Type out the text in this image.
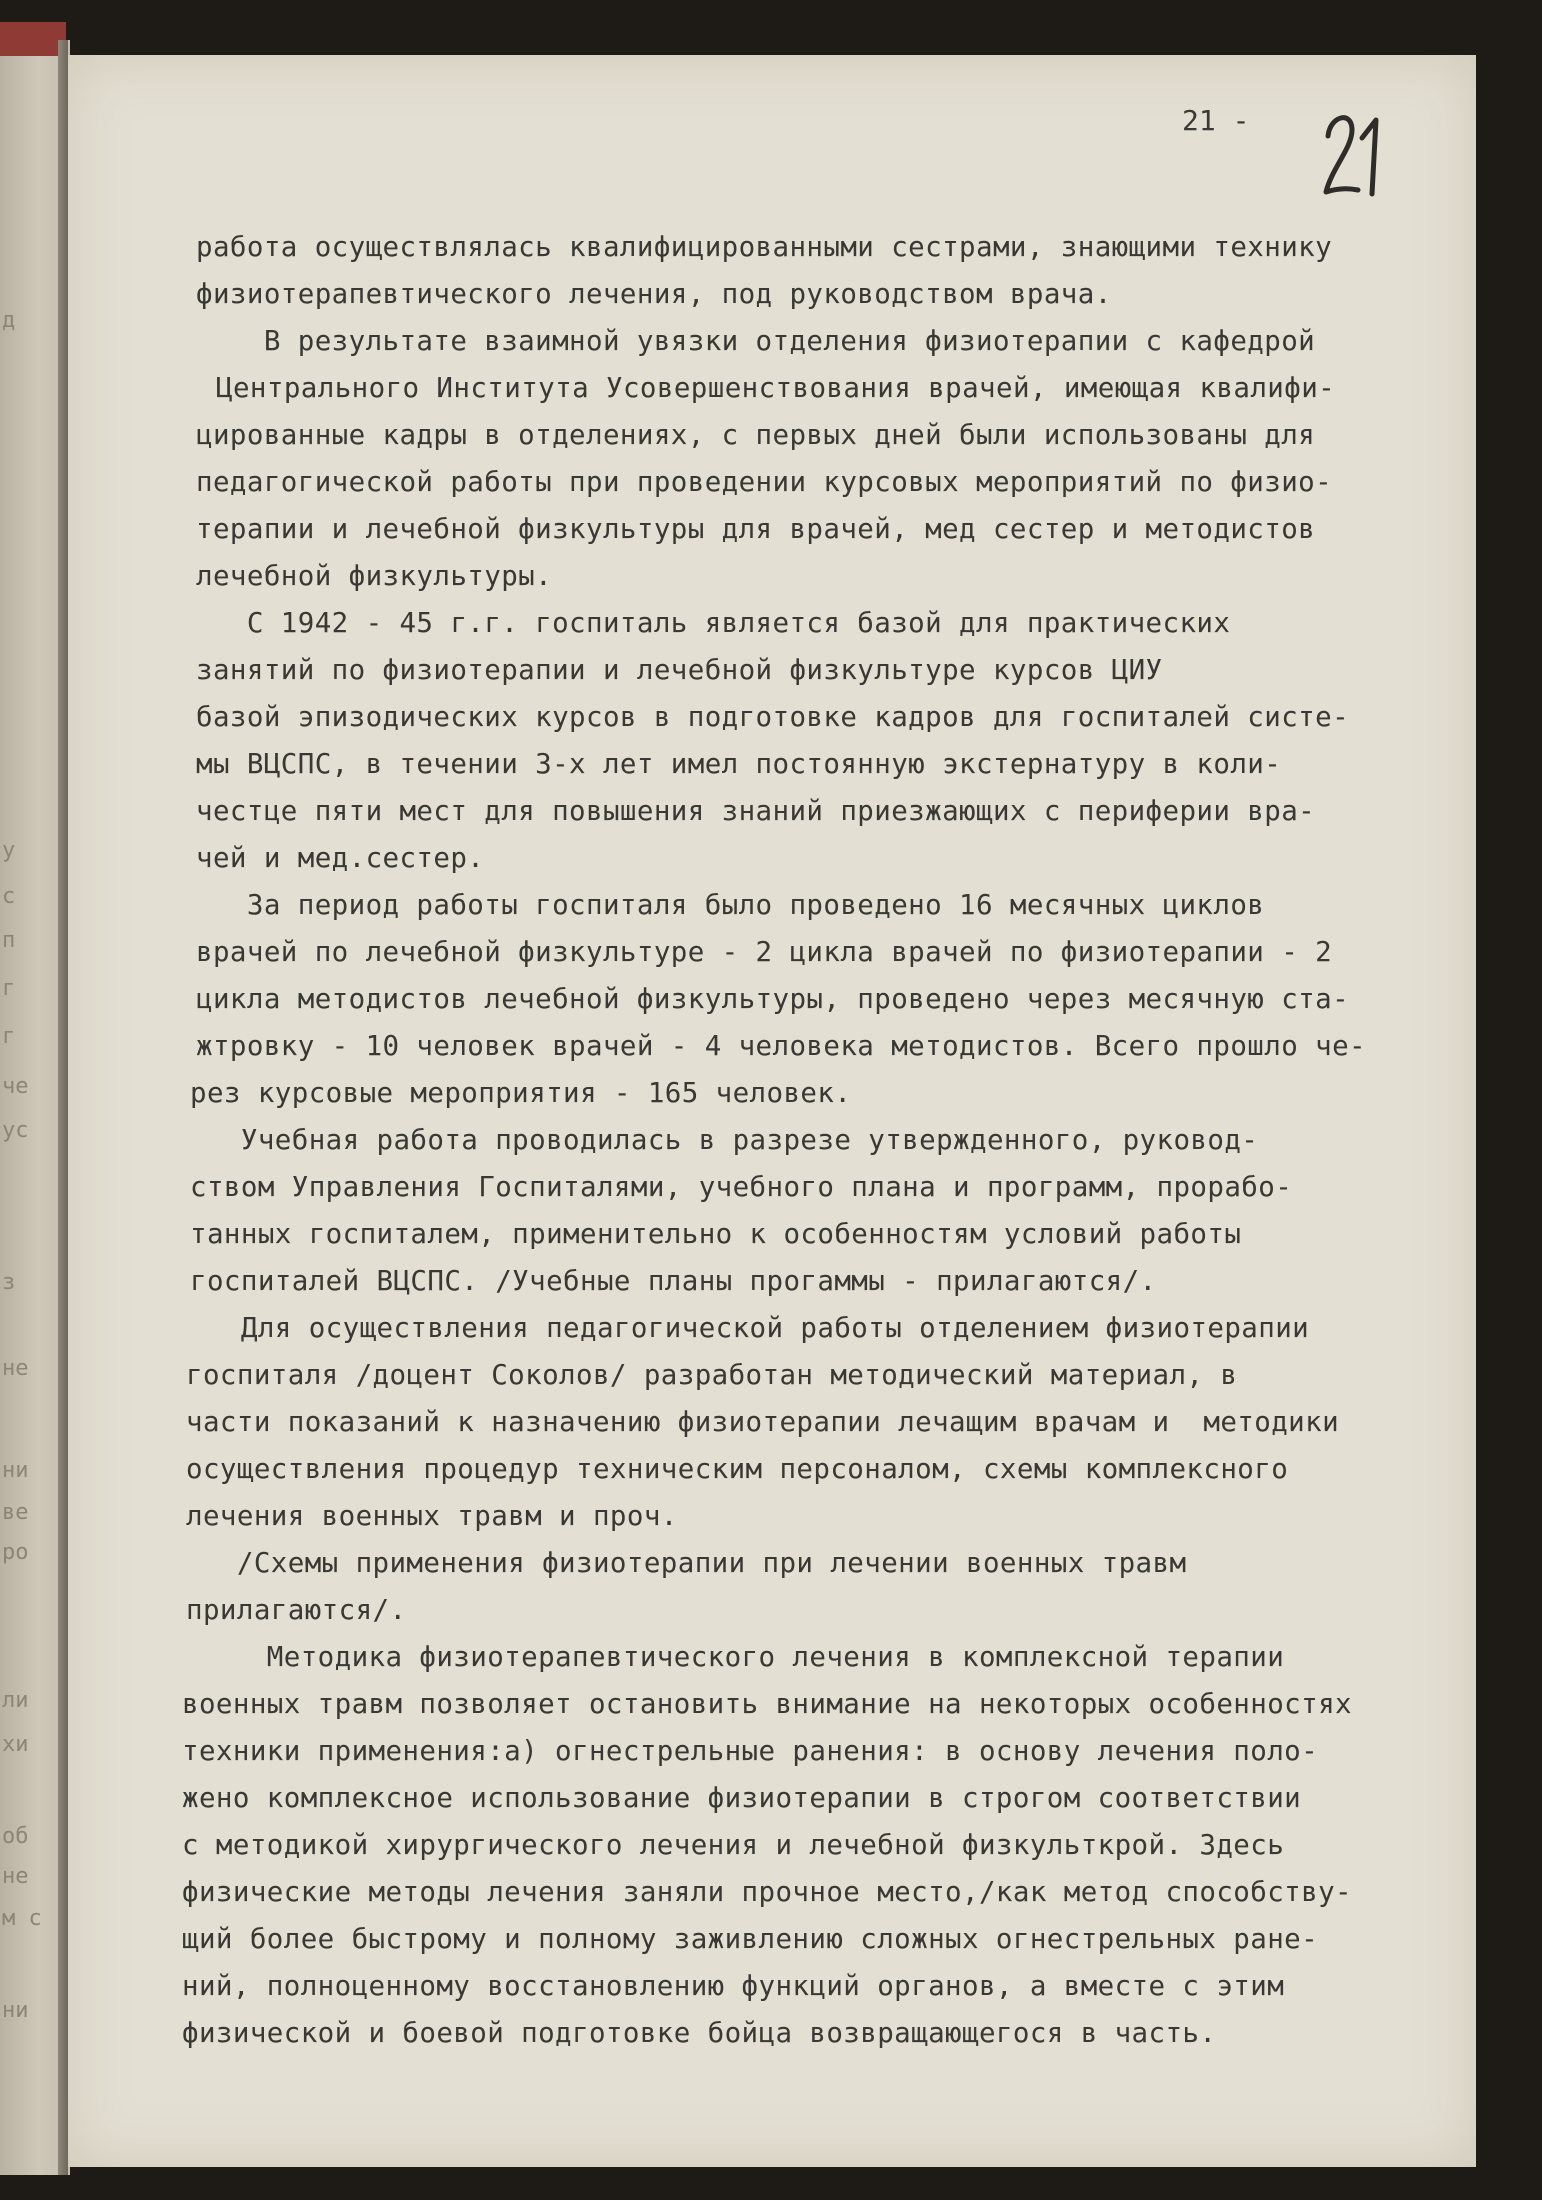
д
у
с
п
г
г
че
ус
з
не
ни
ве
ро
ли
хи
об
не
м с
ни
21 -
работа осуществлялась квалифицированными сестрами, знающими технику
физиотерапевтического лечения, под руководством врача.
В результате взаимной увязки отделения физиотерапии с кафедрой
Центрального Института Усовершенствования врачей, имеющая квалифи-
цированные кадры в отделениях, с первых дней были использованы для
педагогической работы при проведении курсовых мероприятий по физио-
терапии и лечебной физкультуры для врачей, мед сестер и методистов
лечебной физкультуры.
С 1942 - 45 г.г. госпиталь является базой для практических
занятий по физиотерапии и лечебной физкультуре курсов ЦИУ
базой эпизодических курсов в подготовке кадров для госпиталей систе-
мы ВЦСПС, в течении 3-х лет имел постоянную экстернатуру в коли-
честце пяти мест для повышения знаний приезжающих с периферии вра-
чей и мед.сестер.
За период работы госпиталя было проведено 16 месячных циклов
врачей по лечебной физкультуре - 2 цикла врачей по физиотерапии - 2
цикла методистов лечебной физкультуры, проведено через месячную ста-
жтровку - 10 человек врачей - 4 человека методистов. Всего прошло че-
рез курсовые мероприятия - 165 человек.
Учебная работа проводилась в разрезе утвержденного, руковод-
ством Управления Госпиталями, учебного плана и программ, прорабо-
танных госпиталем, применительно к особенностям условий работы
госпиталей ВЦСПС. /Учебные планы прогаммы - прилагаются/.
Для осуществления педагогической работы отделением физиотерапии
госпиталя /доцент Соколов/ разработан методический материал, в
части показаний к назначению физиотерапии лечащим врачам и  методики
осуществления процедур техническим персоналом, схемы комплексного
лечения военных травм и проч.
/Схемы применения физиотерапии при лечении военных травм
прилагаются/.
Методика физиотерапевтического лечения в комплексной терапии
военных травм позволяет остановить внимание на некоторых особенностях
техники применения:а) огнестрельные ранения: в основу лечения поло-
жено комплексное использование физиотерапии в строгом соответствии
с методикой хирургического лечения и лечебной физкульткрой. Здесь
физические методы лечения заняли прочное место,/как метод способству-
щий более быстрому и полному заживлению сложных огнестрельных ране-
ний, полноценному восстановлению функций органов, а вместе с этим
физической и боевой подготовке бойца возвращающегося в часть.
